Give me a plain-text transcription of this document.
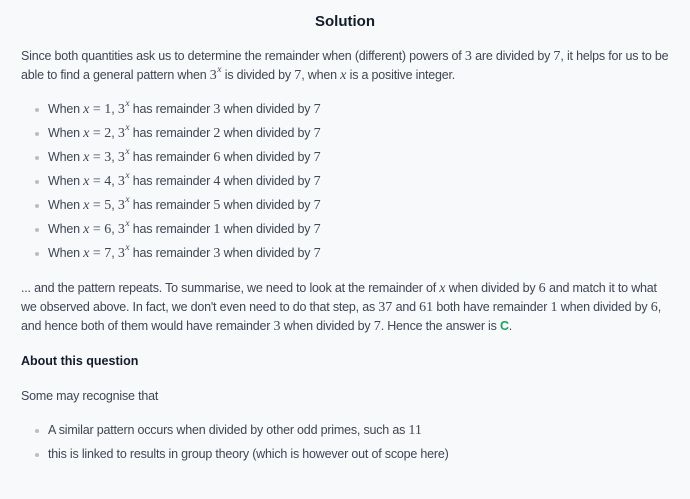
Solution

Since both quantities ask us to determine the remainder when (different) powers of 3 are divided by 7, it helps for us to be able to find a general pattern when 3$^x$ is divided by 7, when x is a positive integer.

When x = 1, 3$^x$ has remainder 3 when divided by 7
When x = 2, 3$^x$ has remainder 2 when divided by 7
When x = 3, 3$^x$ has remainder 6 when divided by 7
When x = 4, 3$^x$ has remainder 4 when divided by 7
When x = 5, 3$^x$ has remainder 5 when divided by 7
When x = 6, 3$^x$ has remainder 1 when divided by 7
When x = 7, 3$^x$ has remainder 3 when divided by 7

... and the pattern repeats. To summarise, we need to look at the remainder of x when divided by 6 and match it to what we observed above. In fact, we don't even need to do that step, as 37 and 61 both have remainder 1 when divided by 6, and hence both of them would have remainder 3 when divided by 7. Hence the answer is C.

About this question

Some may recognise that

A similar pattern occurs when divided by other odd primes, such as 11
this is linked to results in group theory (which is however out of scope here)
